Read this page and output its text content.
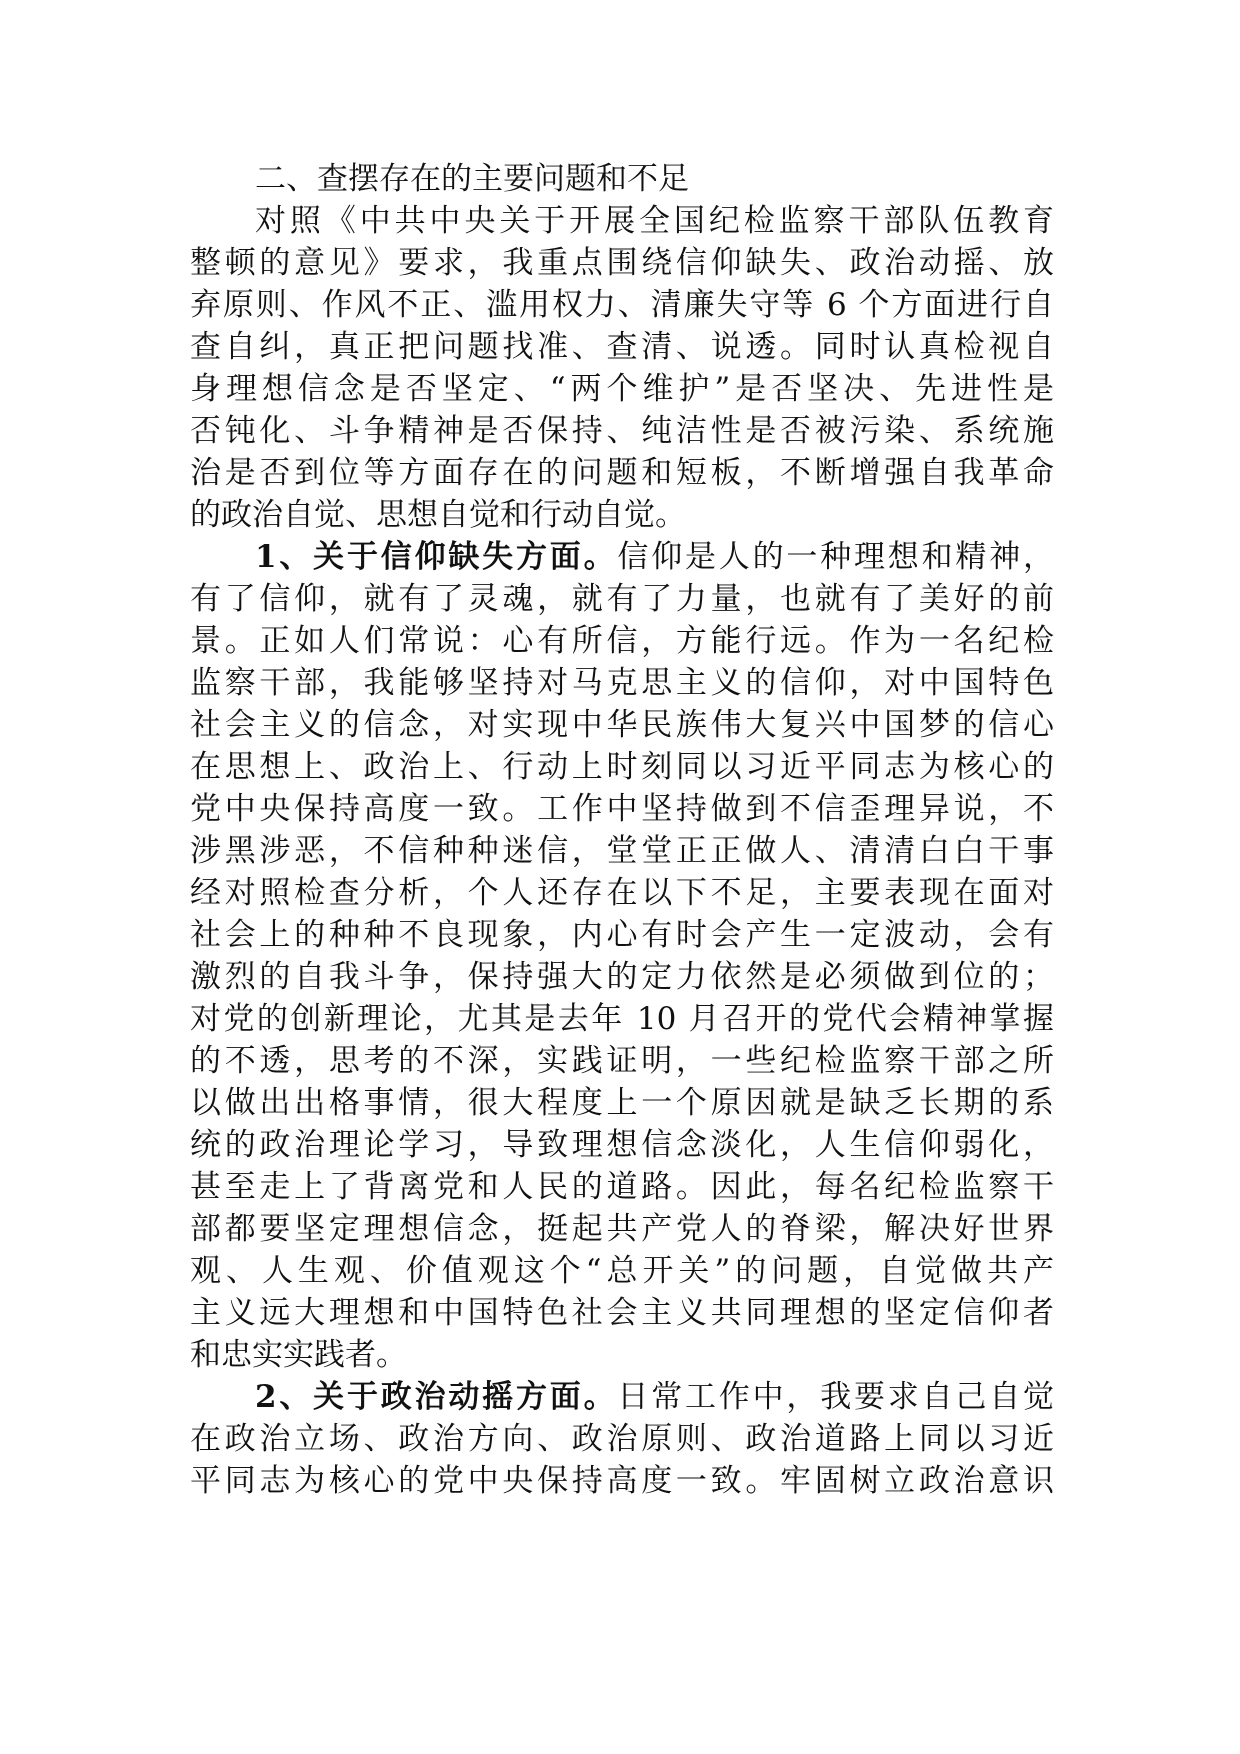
二、查摆存在的主要问题和不足
对照《中共中央关于开展全国纪检监察干部队伍教育
整顿的意见》要求，我重点围绕信仰缺失、政治动摇、放
弃原则、作风不正、滥用权力、清廉失守等 6 个方面进行自
查自纠，真正把问题找准、查清、说透。同时认真检视自
身理想信念是否坚定、“两个维护”是否坚决、先进性是
否钝化、斗争精神是否保持、纯洁性是否被污染、系统施
治是否到位等方面存在的问题和短板，不断增强自我革命
的政治自觉、思想自觉和行动自觉。
1、关于信仰缺失方面。信仰是人的一种理想和精神，
有了信仰，就有了灵魂，就有了力量，也就有了美好的前
景。正如人们常说：心有所信，方能行远。作为一名纪检
监察干部，我能够坚持对马克思主义的信仰，对中国特色
社会主义的信念，对实现中华民族伟大复兴中国梦的信心
在思想上、政治上、行动上时刻同以习近平同志为核心的
党中央保持高度一致。工作中坚持做到不信歪理异说，不
涉黑涉恶，不信种种迷信，堂堂正正做人、清清白白干事
经对照检查分析，个人还存在以下不足，主要表现在面对
社会上的种种不良现象，内心有时会产生一定波动，会有
激烈的自我斗争，保持强大的定力依然是必须做到位的；
对党的创新理论，尤其是去年 10 月召开的党代会精神掌握
的不透，思考的不深，实践证明，一些纪检监察干部之所
以做出出格事情，很大程度上一个原因就是缺乏长期的系
统的政治理论学习，导致理想信念淡化，人生信仰弱化，
甚至走上了背离党和人民的道路。因此，每名纪检监察干
部都要坚定理想信念，挺起共产党人的脊梁，解决好世界
观、人生观、价值观这个“总开关”的问题，自觉做共产
主义远大理想和中国特色社会主义共同理想的坚定信仰者
和忠实实践者。
2、关于政治动摇方面。日常工作中，我要求自己自觉
在政治立场、政治方向、政治原则、政治道路上同以习近
平同志为核心的党中央保持高度一致。牢固树立政治意识
